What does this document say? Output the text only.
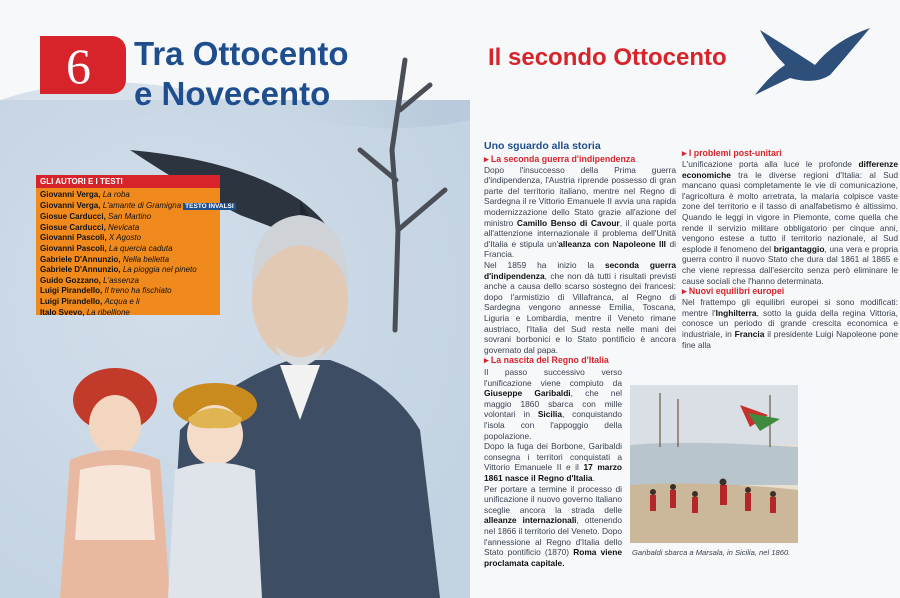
6 Tra Ottocento
e Novecento
Il secondo Ottocento
GLI AUTORI E I TESTI
Giovanni Verga, La roba
Giovanni Verga, L'amante di Gramigna TESTO INVALSI
Giosue Carducci, San Martino
Giosue Carducci, Nevicata
Giovanni Pascoli, X Agosto
Giovanni Pascoli, La quercia caduta
Gabriele D'Annunzio, Nella belletta
Gabriele D'Annunzio, La pioggia nel pineto
Guido Gozzano, L'assenza
Luigi Pirandello, Il treno ha fischiato
Luigi Pirandello, Acqua e li
Italo Svevo, La ribellione
Uno sguardo alla storia
▸ La seconda guerra d'indipendenza

Dopo l'insuccesso della Prima guerra d'indipendenza, l'Austria riprende possesso di gran parte del territorio italiano, mentre nel Regno di Sardegna il re Vittorio Emanuele II avvia una rapida modernizzazione dello Stato grazie all'azione del ministro Camillo Benso di Cavour, il quale porta all'attenzione internazionale il problema dell'Unità d'Italia e stipula un'alleanza con Napoleone III di Francia.

Nel 1859 ha inizio la seconda guerra d'indipendenza, che non dà tutti i risultati previsti anche a causa dello scarso sostegno dei francesi: dopo l'armistizio di Villafranca, al Regno di Sardegna vengono annesse Emilia, Toscana, Liguria e Lombardia, mentre il Veneto rimane austriaco, l'Italia del Sud resta nelle mani dei sovrani borbonici e lo Stato pontificio è ancora governato dal papa.

▸ La nascita del Regno d'Italia

Il passo successivo verso l'unificazione viene compiuto da Giuseppe Garibaldi, che nel maggio 1860 sbarca con mille volontari in Sicilia, conquistando l'isola con l'appoggio della popolazione.

Dopo la fuga dei Borbone, Garibaldi consegna i territori conquistati a Vittorio Emanuele II e il 17 marzo 1861 nasce il Regno d'Italia.

Per portare a termine il processo di unificazione il nuovo governo italiano sceglie ancora la strada delle alleanze internazionali, ottenendo nel 1866 il territorio del Veneto. Dopo l'annessione al Regno d'Italia dello Stato pontificio (1870) Roma viene proclamata capitale.

▸ I problemi post-unitari

L'unificazione porta alla luce le profonde differenze economiche tra le diverse regioni d'Italia: al Sud mancano quasi completamente le vie di comunicazione, l'agricoltura è molto arretrata, la malaria colpisce vaste zone del territorio e il tasso di analfabetismo è altissimo. Quando le leggi in vigore in Piemonte, come quella che rende il servizio militare obbligatorio per cinque anni, vengono estese a tutto il territorio nazionale, al Sud esplode il fenomeno del brigantaggio, una vera e propria guerra contro il nuovo Stato che dura dal 1861 al 1865 e che viene repressa dall'esercito senza però eliminare le cause sociali che l'hanno determinata.

▸ Nuovi equilibri europei

Nel frattempo gli equilibri europei si sono modificati: mentre l'Inghilterra, sotto la guida della regina Vittoria, conosce un periodo di grande crescita economica e industriale, in Francia il presidente Luigi Napoleone pone fine alla

Garibaldi sbarca a Marsala, in Sicilia, nel 1860.
